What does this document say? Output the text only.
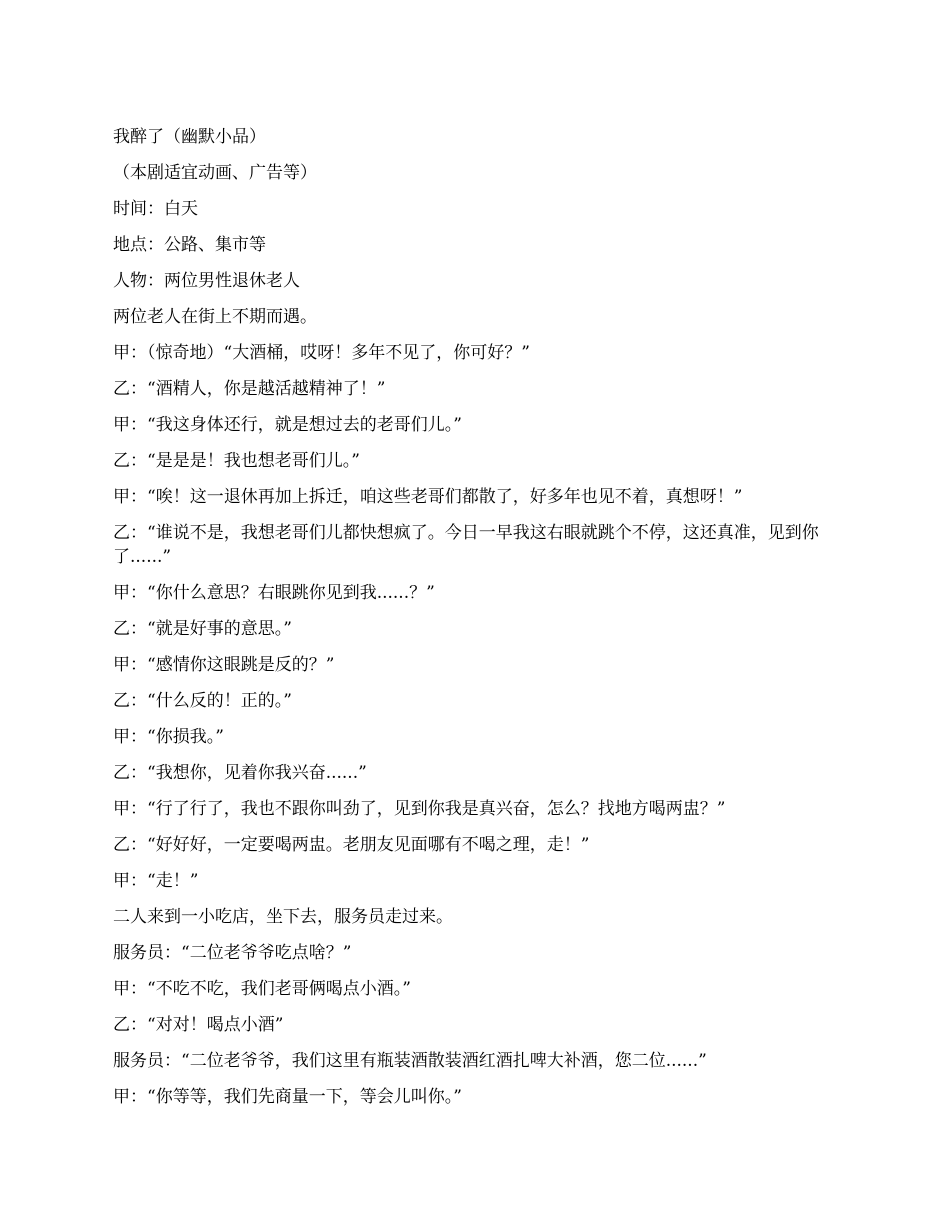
我醉了（幽默小品）

（本剧适宜动画、广告等）

时间：白天

地点：公路、集市等

人物：两位男性退休老人

两位老人在街上不期而遇。

甲：（惊奇地）“大酒桶，哎呀！多年不见了，你可好？”

乙：“酒精人，你是越活越精神了！”

甲：“我这身体还行，就是想过去的老哥们儿。”

乙：“是是是！我也想老哥们儿。”

甲：“唉！这一退休再加上拆迁，咱这些老哥们都散了，好多年也见不着，真想呀！”

乙：“谁说不是，我想老哥们儿都快想疯了。今日一早我这右眼就跳个不停，这还真准，见到你了......”

甲：“你什么意思？右眼跳你见到我......？”

乙：“就是好事的意思。”

甲：“感情你这眼跳是反的？”

乙：“什么反的！正的。”

甲：“你损我。”

乙：“我想你，见着你我兴奋......”

甲：“行了行了，我也不跟你叫劲了，见到你我是真兴奋，怎么？找地方喝两盅？”

乙：“好好好，一定要喝两盅。老朋友见面哪有不喝之理，走！”

甲：“走！”

二人来到一小吃店，坐下去，服务员走过来。

服务员：“二位老爷爷吃点啥？”

甲：“不吃不吃，我们老哥俩喝点小酒。”

乙：“对对！喝点小酒”

服务员：“二位老爷爷，我们这里有瓶装酒散装酒红酒扎啤大补酒，您二位......”

甲：“你等等，我们先商量一下，等会儿叫你。”
